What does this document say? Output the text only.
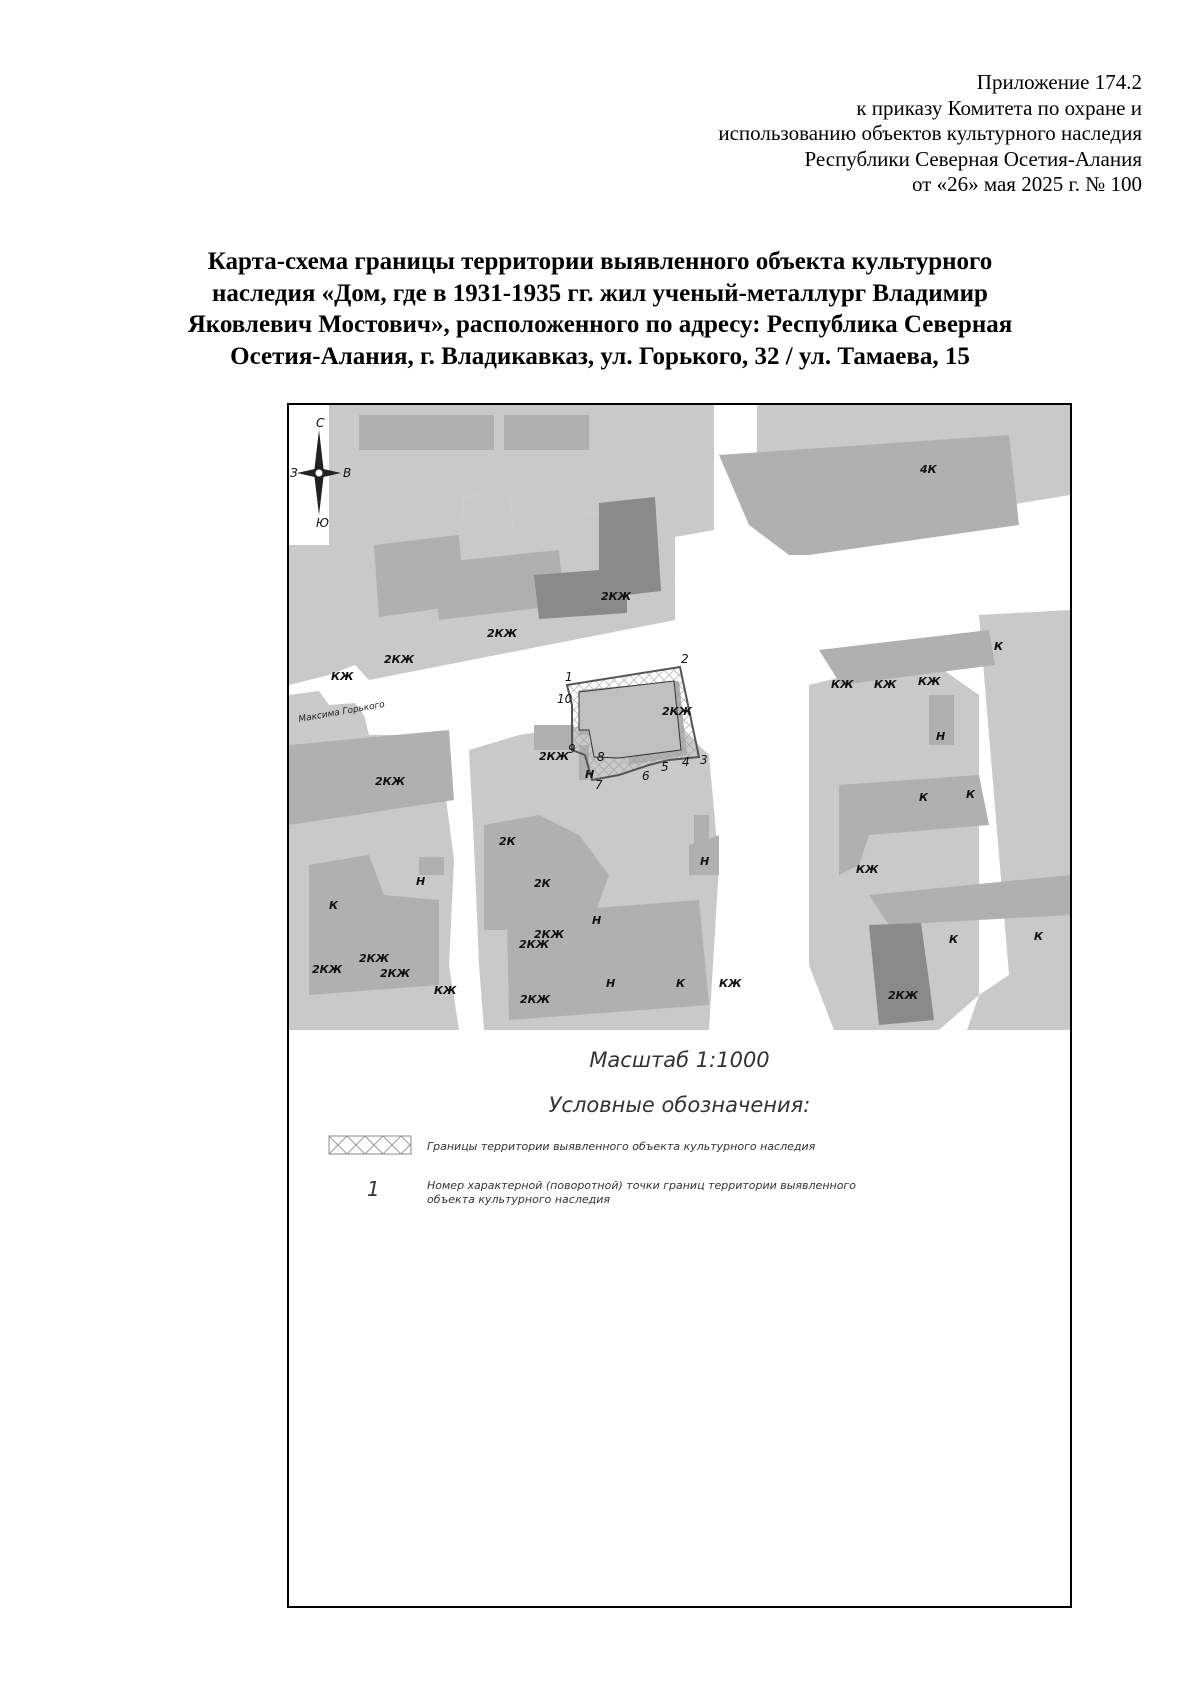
Приложение 174.2
к приказу Комитета по охране и
использованию объектов культурного наследия
Республики Северная Осетия-Алания
от «26» мая 2025 г. № 100
Карта-схема границы территории выявленного объекта культурного
наследия «Дом, где в 1931-1935 гг. жил ученый-металлург Владимир
Яковлевич Мостович», расположенного по адресу: Республика Северная
Осетия-Алания, г. Владикавказ, ул. Горького, 32 / ул. Тамаева, 15
Максима Горького
С
З	В
Ю
4К
2КЖ
2КЖ
2КЖ
2КЖ
КЖ
2КЖ
КЖ КЖ КЖ
К
2КЖ
2КЖ
Н
Н
К	К
2К
2К
Н
КЖ
Н
К
Н
2КЖ
2КЖ
2КЖ
КЖ
Н	К	КЖ
2КЖ
К	К
2КЖ
2КЖ
1
2
3
4
5
6
7
8
9
10
Масштаб 1:1000
Условные обозначения:
Границы территории выявленного объекта культурного наследия
1	Номер характерной (поворотной) точки границ территории выявленного объекта культурного наследия
